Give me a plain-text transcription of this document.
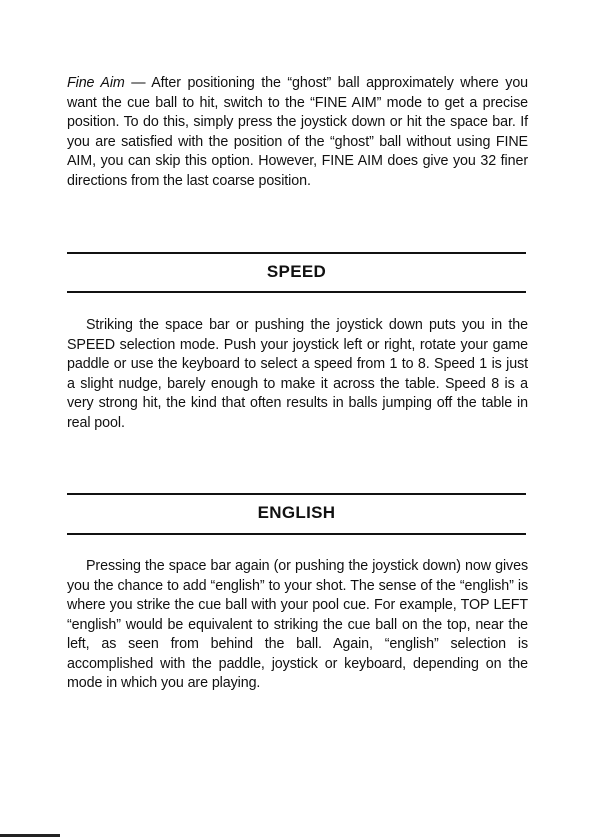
Fine Aim — After positioning the “ghost” ball approximately where you want the cue ball to hit, switch to the “FINE AIM” mode to get a precise position. To do this, simply press the joystick down or hit the space bar. If you are satisfied with the position of the “ghost” ball without using FINE AIM, you can skip this option. However, FINE AIM does give you 32 finer directions from the last coarse position.

SPEED

Striking the space bar or pushing the joystick down puts you in the SPEED selection mode. Push your joystick left or right, rotate your game paddle or use the keyboard to select a speed from 1 to 8. Speed 1 is just a slight nudge, barely enough to make it across the table. Speed 8 is a very strong hit, the kind that often results in balls jumping off the table in real pool.

ENGLISH

Pressing the space bar again (or pushing the joystick down) now gives you the chance to add “english” to your shot. The sense of the “english” is where you strike the cue ball with your pool cue. For example, TOP LEFT “english” would be equivalent to striking the cue ball on the top, near the left, as seen from behind the ball. Again, “english” selection is accomplished with the paddle, joystick or keyboard, depending on the mode in which you are playing.
